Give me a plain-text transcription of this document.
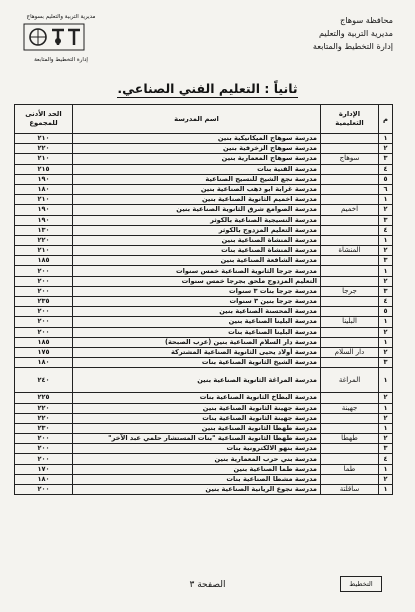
محافظة سوهاج
مديرية التربية والتعليم
إدارة التخطيط والمتابعة
مديرية التربية والتعليم بسوهاج
إدارة التخطيط والمتابعة
ثانياً : التعليم الفني الصناعي.
م	الإدارة التعليمية	اسم المدرسة	الحد الأدنى للمجموع
١		مدرسة سوهاج الميكانيكية بنين	٢١٠
٢		مدرسة سوهاج الزخرفية بنين	٢٢٠
٣	سوهاج	مدرسة سوهاج المعمارية بنين	٢١٠
٤		مدرسة الفنية بنات	٢١٥
٥		مدرسة نجع الشيخ للنسيج الصناعية	١٩٠
٦		مدرسة غرابة ابو ذهب الصناعية بنين	١٨٠
١		مدرسة اخميم الثانوية الصناعية بنين	٢١٠
٢	اخميم	مدرسة الصوامع شرق الثانوية الصناعية بنين	١٩٠
٣		مدرسة النسيجية الصناعية بالكوثر	١٩٠
٤		مدرسة التعليم المزدوج بالكوثر	١٣٠
١		مدرسة المنشاة الصناعية بنين	٢٢٠
٢	المنشاة	مدرسة المنشاة الصناعية بنات	٢١٠
٣		مدرسة الشافعة الصناعية بنين	١٨٥
١		مدرسة جرجا الثانوية الصناعية خمس سنوات	٢٠٠
٢		التعليم المزدوج ملحق بجرجا خمس سنوات	٢٠٠
٣	جرجا	مدرسة جرجا بنات ٣ سنوات	٢٠٠
٤		مدرسة جرجا بنين ٣ سنوات	٢٣٥
٥		مدرسة المحسنة الصناعية بنين	٢٠٠
١	البلينا	مدرسة البلينا الصناعية بنين	٢٠٠
٢		مدرسة البلينا الصناعية بنات	٢٠٠
١		مدرسة دار السلام الصناعية بنين (عرب الصبحة)	١٨٥
٢	دار السلام	مدرسة أولاد يحيى الثانوية الصناعية المشتركة	١٧٥
٣		مدرسة الشيخ الثانوية الصناعية بنات	١٨٠
١	المراغة	مدرسة المراغة الثانوية الصناعية بنين	٢٤٠
٢		مدرسة البطاخ الثانوية الصناعية بنات	٢٢٥
١	جهينة	مدرسة جهينة الثانوية الصناعية بنين	٢٢٠
٢		مدرسة جهينة الثانوية الصناعية بنات	٢٢٠
١		مدرسة طهطا الثانوية الصناعية بنين	٢٣٠
٢	طهطا	مدرسة طهطا الثانوية الصناعية "بنات المستشار حلمي عبد الآخر"	٢٠٠
٣		مدرسة بنهو الالكترونية بنات	٢٠٠
٤		مدرسة بني حرب المعمارية بنين	٢٠٠
١	طما	مدرسة طما الصناعية بنين	١٧٠
٢		مدرسة مشطا الصناعية بنات	١٨٠
١	ساقلتة	مدرسة نجوع الريانية الصناعية بنين	٢٠٠
التخطيط
الصفحة ٣
